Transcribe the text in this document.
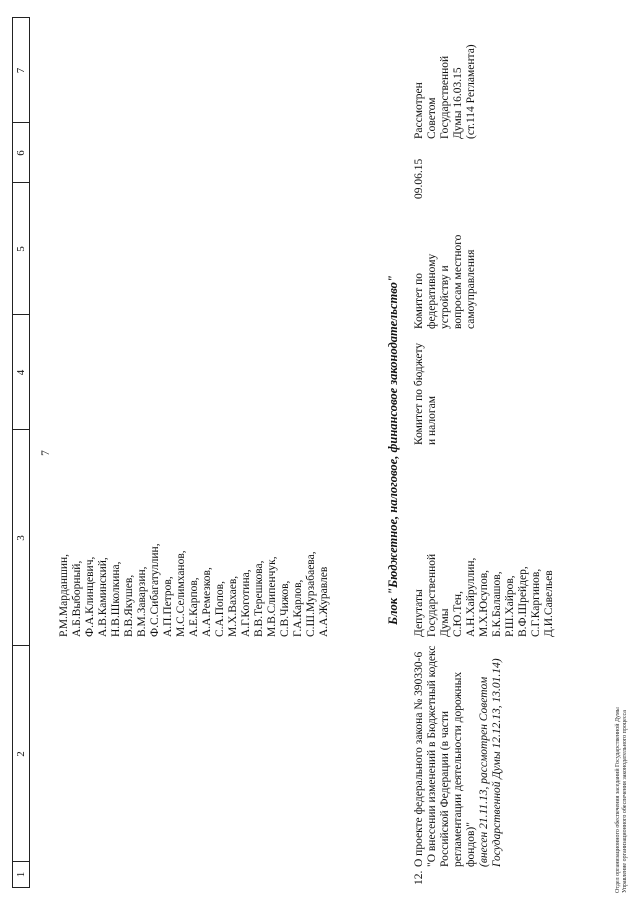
1
2
3
4
5
6
7
7
Р.М.Марданшин, А.Б.Выборный, Ф.А.Клинцевич, А.В.Каминский, Н.В.Школкина, В.В.Якушев, В.М.Заварзин, Ф.С.Сибагатуллин, А.П.Петров, М.С.Селимханов, А.Е.Карпов, А.А.Ремезков, С.А.Попов, М.Х.Вахаев, А.Г.Коготина, В.В.Терешкова, М.В.Слипенчук, С.В.Чижов, Г.А.Карлов, С.Ш.Мурзабаева, А.А.Журавлев	Блок "Бюджетное, налоговое, финансовое законодательство"
12.
О проекте федерального закона № 390330-6 "О внесении изменений в Бюджетный кодекс Российской Федерации (в части регламентации деятельности дорожных фондов)" (внесен 21.11.13, рассмотрен Советом Государственной Думы 12.12.13, 13.01.14)
Депутаты Государственной Думы С.Ю.Тен, А.Н.Хайруллин, М.Х.Юсупов, Б.К.Балашов, Р.Ш.Хайров, В.Ф.Шрейдер, С.Г.Каргинов, Д.И.Савельев
Комитет по бюджету и налогам
Комитет по федеративному устройству и вопросам местного самоуправления
09.06.15
Рассмотрен Советом Государственной Думы 16.03.15 (ст.114 Регламента)
Отдел организационного обеспечения заседаний Государственной Думы Управление организационного обеспечения законодательного процесса
